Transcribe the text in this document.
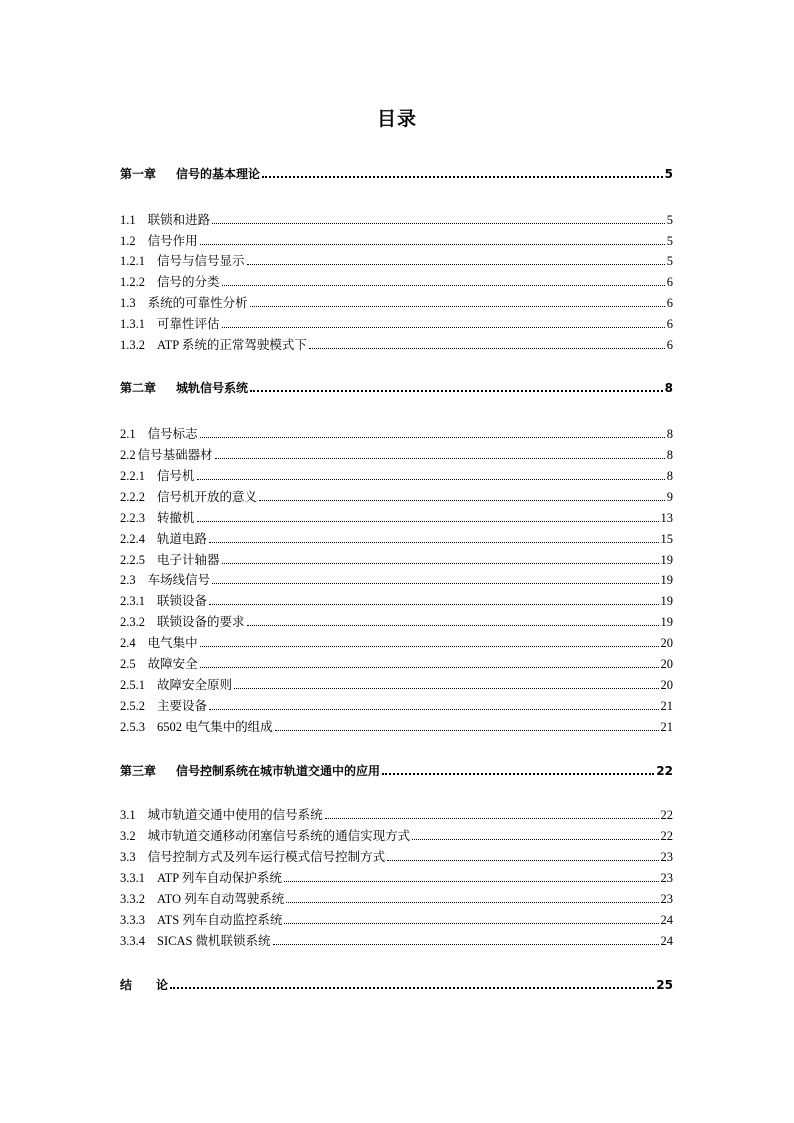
目录
第一章 信号的基本理论	5
1.1 联锁和进路	5
1.2 信号作用	5
1.2.1 信号与信号显示	5
1.2.2 信号的分类	6
1.3 系统的可靠性分析	6
1.3.1 可靠性评估	6
1.3.2 ATP 系统的正常驾驶模式下	6
第二章 城轨信号系统	8
2.1 信号标志	8
2.2 信号基础器材	8
2.2.1 信号机	8
2.2.2 信号机开放的意义	9
2.2.3 转撤机	13
2.2.4 轨道电路	15
2.2.5 电子计轴器	19
2.3 车场线信号	19
2.3.1 联锁设备	19
2.3.2 联锁设备的要求	19
2.4 电气集中	20
2.5 故障安全	20
2.5.1 故障安全原则	20
2.5.2 主要设备	21
2.5.3 6502 电气集中的组成	21
第三章 信号控制系统在城市轨道交通中的应用	22
3.1 城市轨道交通中使用的信号系统	22
3.2 城市轨道交通移动闭塞信号系统的通信实现方式	22
3.3 信号控制方式及列车运行模式信号控制方式	23
3.3.1 ATP 列车自动保护系统	23
3.3.2 ATO 列车自动驾驶系统	23
3.3.3 ATS 列车自动监控系统	24
3.3.4 SICAS 微机联锁系统	24
结 论	25
